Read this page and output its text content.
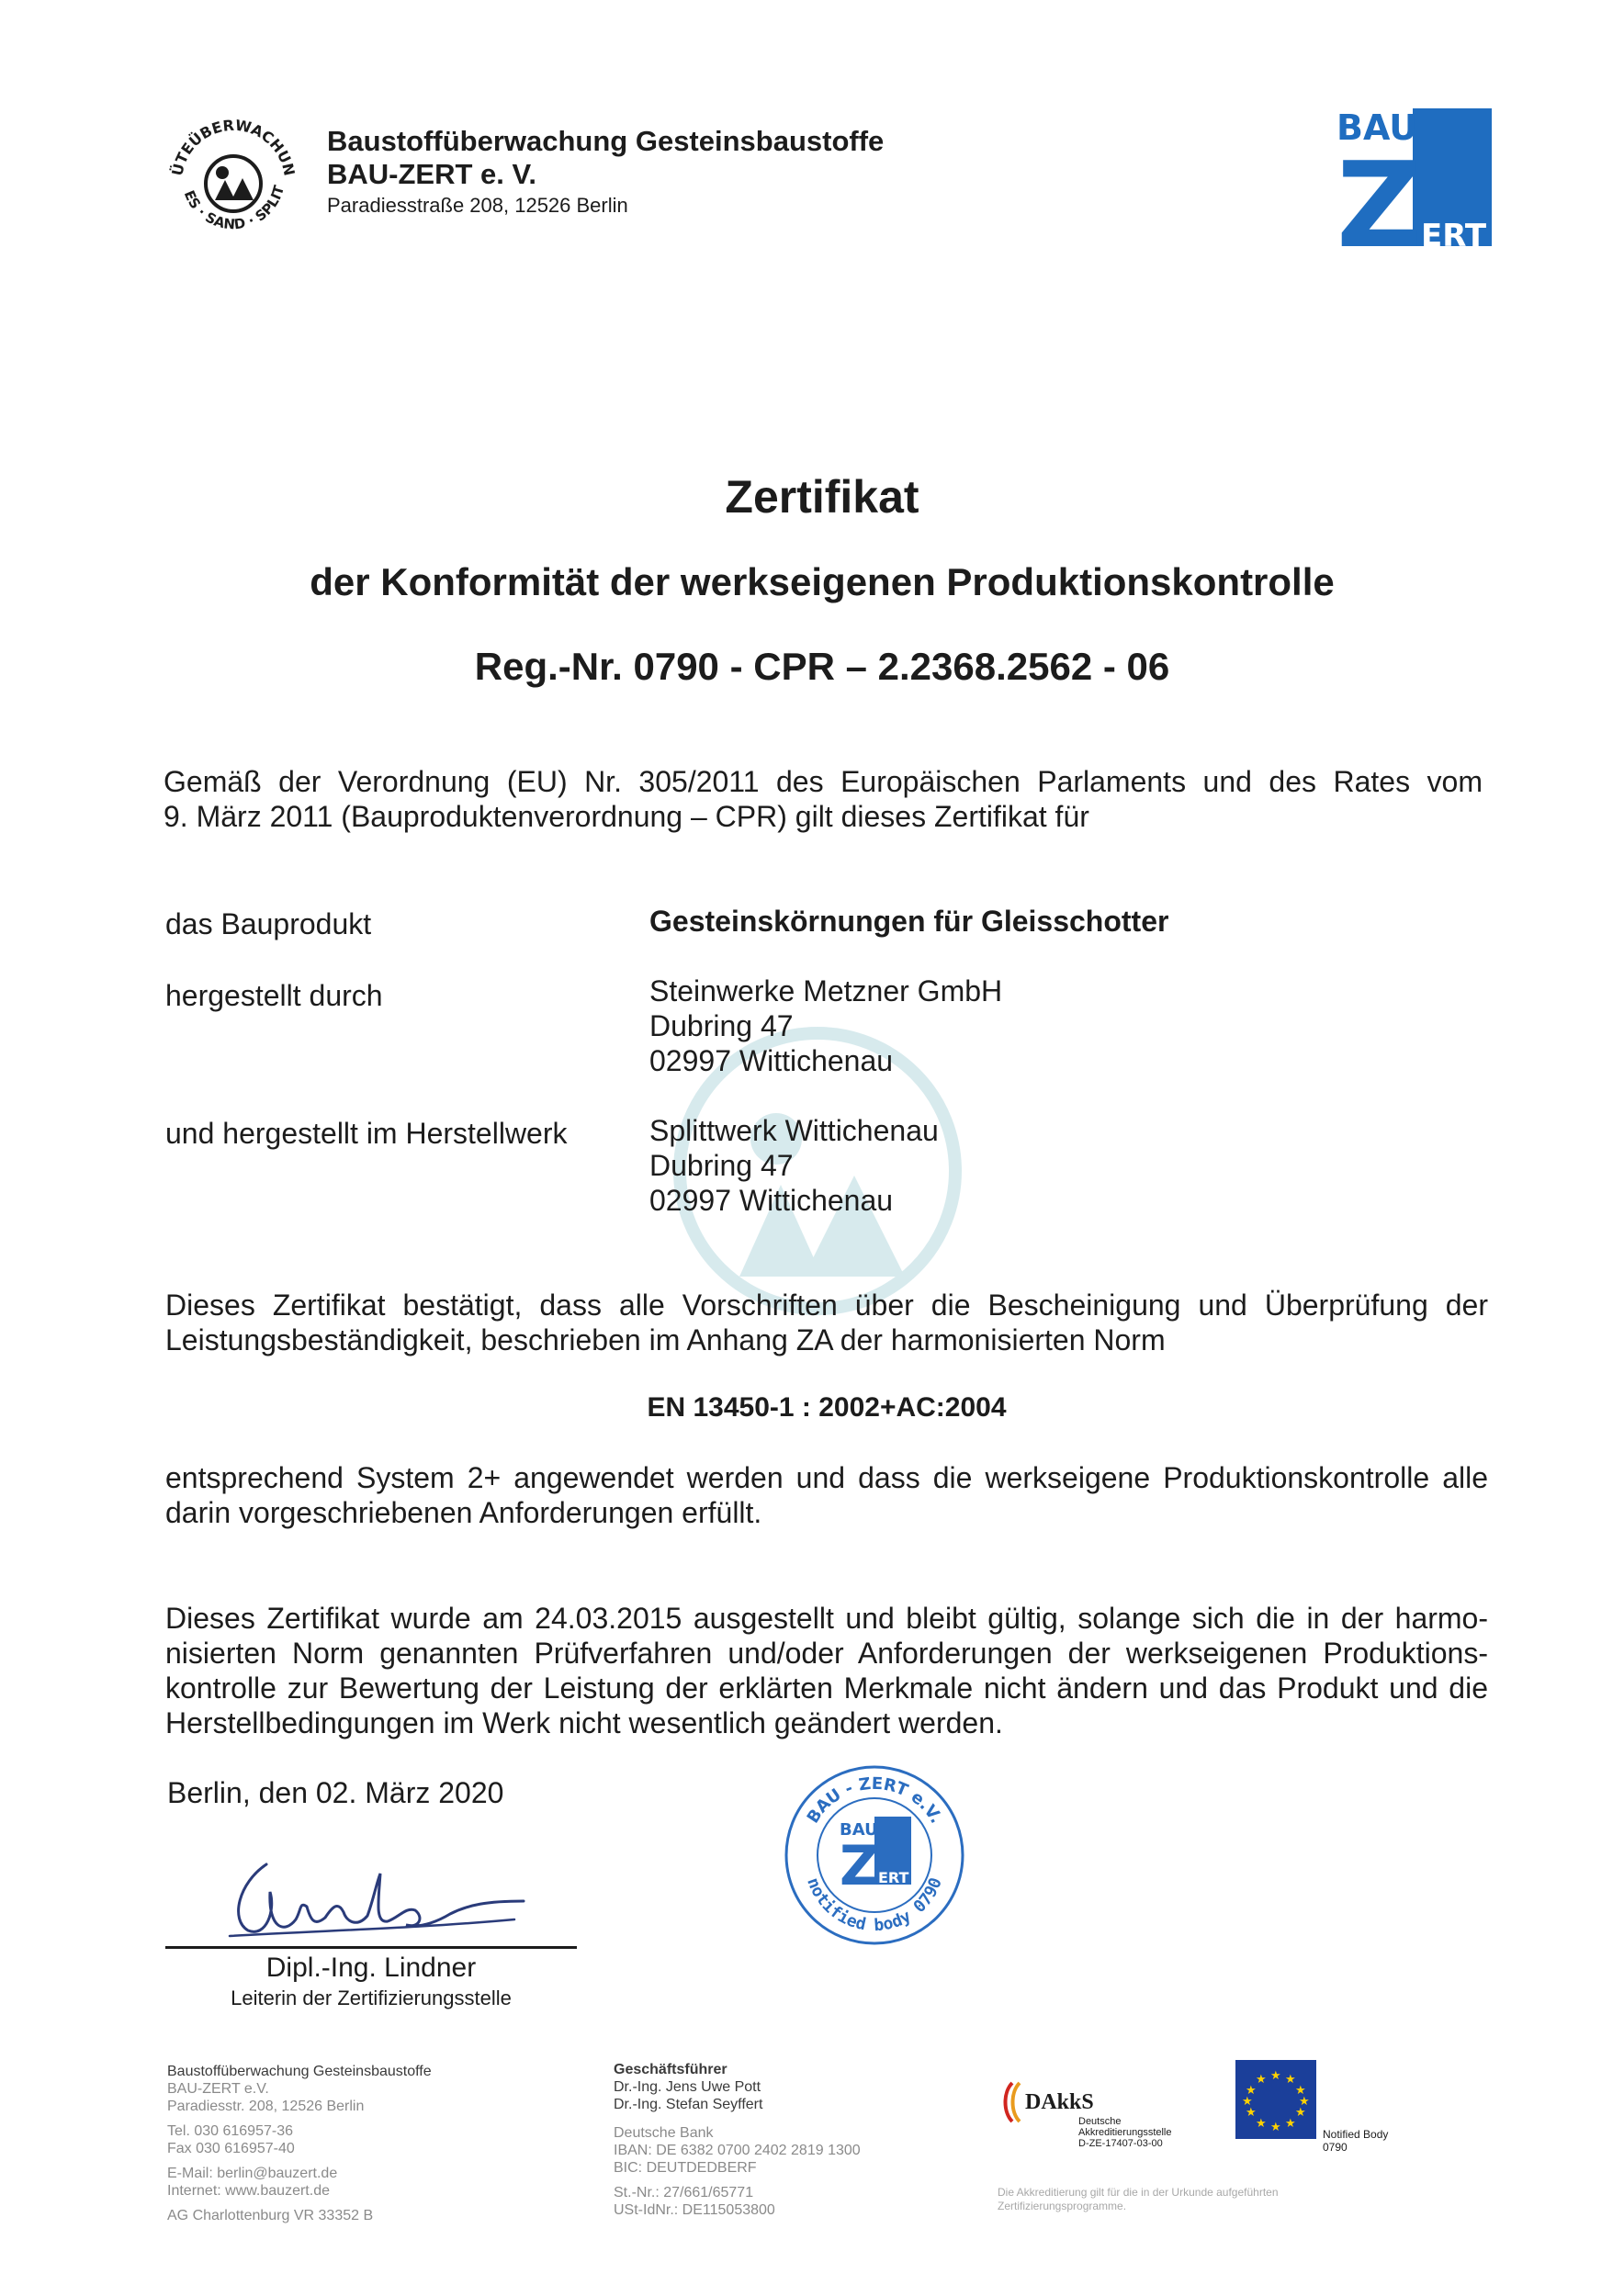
ÜTEÜBERWACHUN
ES · SAND · SPLIT
Baustoffüberwachung Gesteinsbaustoffe
BAU-ZERT e. V.
Paradiesstraße 208, 12526 Berlin
BAU
Z ERT
Zertifikat
der Konformität der werkseigenen Produktionskontrolle
Reg.-Nr. 0790 - CPR – 2.2368.2562 - 06
Gemäß der Verordnung (EU) Nr. 305/2011 des Europäischen Parlaments und des Rates vom
9. März 2011 (Bauproduktenverordnung – CPR) gilt dieses Zertifikat für
das Bauprodukt	Gesteinskörnungen für Gleisschotter
hergestellt durch	Steinwerke Metzner GmbH
Dubring 47
02997 Wittichenau
und hergestellt im Herstellwerk	Splittwerk Wittichenau
Dubring 47
02997 Wittichenau
Dieses Zertifikat bestätigt, dass alle Vorschriften über die Bescheinigung und Überprüfung der
Leistungsbeständigkeit, beschrieben im Anhang ZA der harmonisierten Norm
EN 13450-1 : 2002+AC:2004
entsprechend System 2+ angewendet werden und dass die werkseigene Produktionskontrolle alle
darin vorgeschriebenen Anforderungen erfüllt.
Dieses Zertifikat wurde am 24.03.2015 ausgestellt und bleibt gültig, solange sich die in der harmo-
nisierten Norm genannten Prüfverfahren und/oder Anforderungen der werkseigenen Produktions-
kontrolle zur Bewertung der Leistung der erklärten Merkmale nicht ändern und das Produkt und die
Herstellbedingungen im Werk nicht wesentlich geändert werden.
Berlin, den 02. März 2020
Dipl.-Ing. Lindner
Leiterin der Zertifizierungsstelle
BAU - ZERT e.V.
notified body 0790
BAU
Z
ERT
Baustoffüberwachung Gesteinsbaustoffe
BAU-ZERT e.V.
Paradiesstr. 208, 12526 Berlin
Tel. 030 616957-36
Fax 030 616957-40
E-Mail: berlin@bauzert.de
Internet: www.bauzert.de
AG Charlottenburg VR 33352 B
Geschäftsführer
Dr.-Ing. Jens Uwe Pott
Dr.-Ing. Stefan Seyffert
Deutsche Bank
IBAN: DE 6382 0700 2402 2819 1300
BIC: DEUTDEDBERF
St.-Nr.: 27/661/65771
USt-IdNr.: DE115053800
DAkkS
Deutsche
Akkreditierungsstelle
D-ZE-17407-03-00
★ ★
★
★
★
★
★
★
★
★
★
★
Notified Body
0790
Die Akkreditierung gilt für die in der Urkunde aufgeführten
Zertifizierungsprogramme.
